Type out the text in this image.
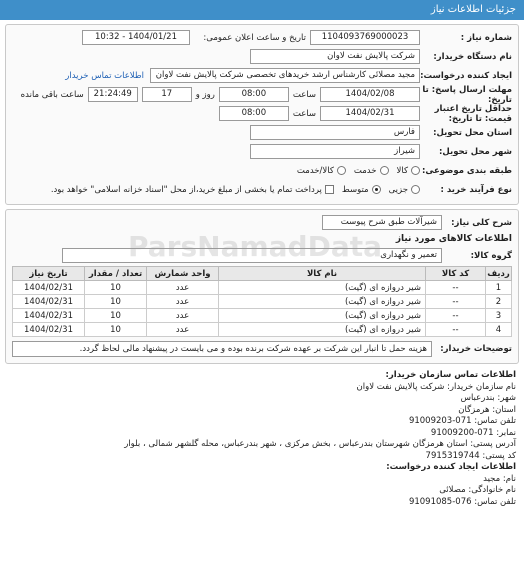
جزئیات اطلاعات نیاز
شماره نیاز :
1104093769000023
تاریخ و ساعت اعلان عمومی:
1404/01/21 - 10:32
نام دستگاه خریدار:
شرکت پالایش نفت لاوان
ایجاد کننده درخواست:
مجید مصلائی کارشناس ارشد خریدهای تخصصی شرکت پالایش نفت لاوان
اطلاعات تماس خریدار
مهلت ارسال پاسخ: تا تاریخ:
1404/02/08
ساعت
08:00
روز و
17
21:24:49
ساعت باقی مانده
حداقل تاریخ اعتبار قیمت: تا تاریخ:
1404/02/31
ساعت
08:00
استان محل تحویل:
فارس
شهر محل تحویل:
شیراز
طبقه بندی موضوعی:
کالا
خدمت
کالا/خدمت
نوع فرآیند خرید :
جزیی
متوسط
پرداخت تمام یا بخشی از مبلغ خرید،از محل "اسناد خزانه اسلامی" خواهد بود.
شرح کلی نیاز:
شیرآلات طبق شرح پیوست
اطلاعات کالاهای مورد نیاز
گروه کالا:
تعمیر و نگهداری
ردیف	کد کالا	نام کالا	واحد شمارش	تعداد / مقدار	تاریخ نیاز
1	--	شیر دروازه ای (گیت)	عدد	10	1404/02/31
2	--	شیر دروازه ای (گیت)	عدد	10	1404/02/31
3	--	شیر دروازه ای (گیت)	عدد	10	1404/02/31
4	--	شیر دروازه ای (گیت)	عدد	10	1404/02/31
توضیحات خریدار:
هزینه حمل تا انبار این شرکت بر عهده شرکت برنده بوده و می بایست در پیشنهاد مالی لحاظ گردد.
اطلاعات تماس سازمان خریدار:
نام سازمان خریدار: شرکت پالایش نفت لاوان
شهر: بندرعباس
استان: هرمزگان
تلفن تماس: 071-91009203
نمابر: 071-91009200
آدرس پستی: استان هرمزگان شهرستان بندرعباس ، بخش مرکزی ، شهر بندرعباس، محله گلشهر شمالی ، بلوار
کد پستی: 7915319744
اطلاعات ایجاد کننده درخواست:
نام: مجید
نام خانوادگی: مصلائی
تلفن تماس: 076-91091085
ParsNamadData
